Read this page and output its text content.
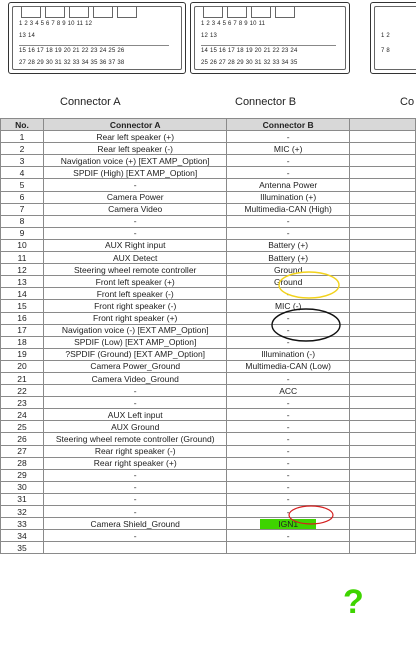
1 2 3 4 5 6 7 8 9 10 11 12
13 14
15 16 17 18 19 20 21 22 23 24 25 26
27 28 29 30 31 32 33 34 35 36 37 38
1 2 3 4 5 6 7 8 9 10 11
12 13
14 15 16 17 18 19 20 21 22 23 24
25 26 27 28 29 30 31 32 33 34 35
1 2
7 8
Connector A	Connector B	Co
No.	Connector A	Connector B	
1	Rear left speaker (+)	-	
2	Rear left speaker (-)	MIC (+)	
3	Navigation voice (+) [EXT AMP_Option]	-	
4	SPDIF (High) [EXT AMP_Option]	-	
5	-	Antenna Power	
6	Camera Power	Illumination (+)	
7	Camera Video	Multimedia-CAN (High)	
8	-	-	
9	-	-	
10	AUX Right input	Battery (+)	
11	AUX Detect	Battery (+)	
12	Steering wheel remote controller	Ground	
13	Front left speaker (+)	Ground	
14	Front left speaker (-)	-	
15	Front right speaker (-)	MIC (-)	
16	Front right speaker (+)	-	
17	Navigation voice (-) [EXT AMP_Option]	-	
18	SPDIF (Low) [EXT AMP_Option]	-	
19	?SPDIF (Ground) [EXT AMP_Option]	Illumination (-)	
20	Camera Power_Ground	Multimedia-CAN (Low)	
21	Camera Video_Ground	-	
22	-	ACC	
23	-	-	
24	AUX Left input	-	
25	AUX Ground	-	
26	Steering wheel remote controller (Ground)	-	
27	Rear right speaker (-)	-	
28	Rear right speaker (+)	-	
29	-	-	
30	-	-	
31	-	-	
32	-	-	
33	Camera Shield_Ground	IGN1	
34	-	-	
35			
?
